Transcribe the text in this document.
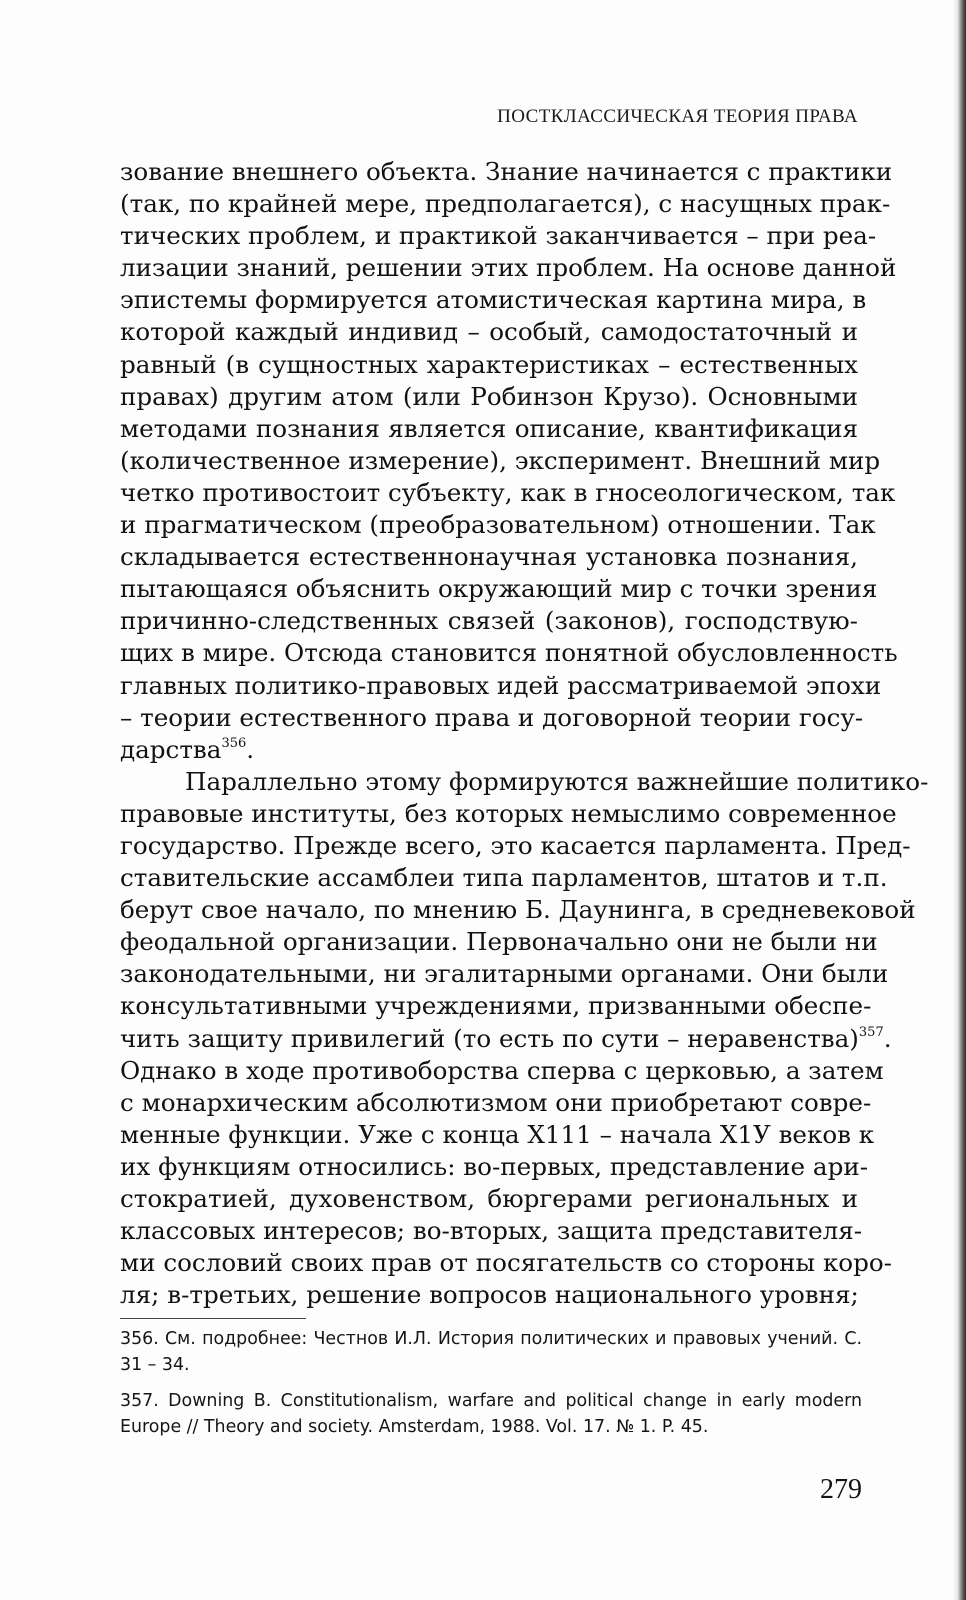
ПОСТКЛАССИЧЕСКАЯ ТЕОРИЯ ПРАВА
зование внешнего объекта. Знание начинается с практики
(так, по крайней мере, предполагается), с насущных прак-
тических проблем, и практикой заканчивается – при реа-
лизации знаний, решении этих проблем. На основе данной
эпистемы формируется атомистическая картина мира, в
которой каждый индивид – особый, самодостаточный и
равный (в сущностных характеристиках – естественных
правах) другим атом (или Робинзон Крузо). Основными
методами познания является описание, квантификация
(количественное измерение), эксперимент. Внешний мир
четко противостоит субъекту, как в гносеологическом, так
и прагматическом (преобразовательном) отношении. Так
складывается естественнонаучная установка познания,
пытающаяся объяснить окружающий мир с точки зрения
причинно-следственных связей (законов), господствую-
щих в мире. Отсюда становится понятной обусловленность
главных политико-правовых идей рассматриваемой эпохи
– теории естественного права и договорной теории госу-
дарства$^{356}$.
Параллельно этому формируются важнейшие политико-
правовые институты, без которых немыслимо современное
государство. Прежде всего, это касается парламента. Пред-
ставительские ассамблеи типа парламентов, штатов и т.п.
берут свое начало, по мнению Б. Даунинга, в средневековой
феодальной организации. Первоначально они не были ни
законодательными, ни эгалитарными органами. Они были
консультативными учреждениями, призванными обеспе-
чить защиту привилегий (то есть по сути – неравенства)$^{357}$.
Однако в ходе противоборства сперва с церковью, а затем
с монархическим абсолютизмом они приобретают совре-
менные функции. Уже с конца Х111 – начала Х1У веков к
их функциям относились: во-первых, представление ари-
стократией, духовенством, бюргерами региональных и
классовых интересов; во-вторых, защита представителя-
ми сословий своих прав от посягательств со стороны коро-
ля; в-третьих, решение вопросов национального уровня;
356. См. подробнее: Честнов И.Л. История политических и правовых учений. С.
31 – 34.
357. Downing B. Constitutionalism, warfare and political change in early modern
Europe // Theory and society. Amsterdam, 1988. Vol. 17. № 1. P. 45.
279
